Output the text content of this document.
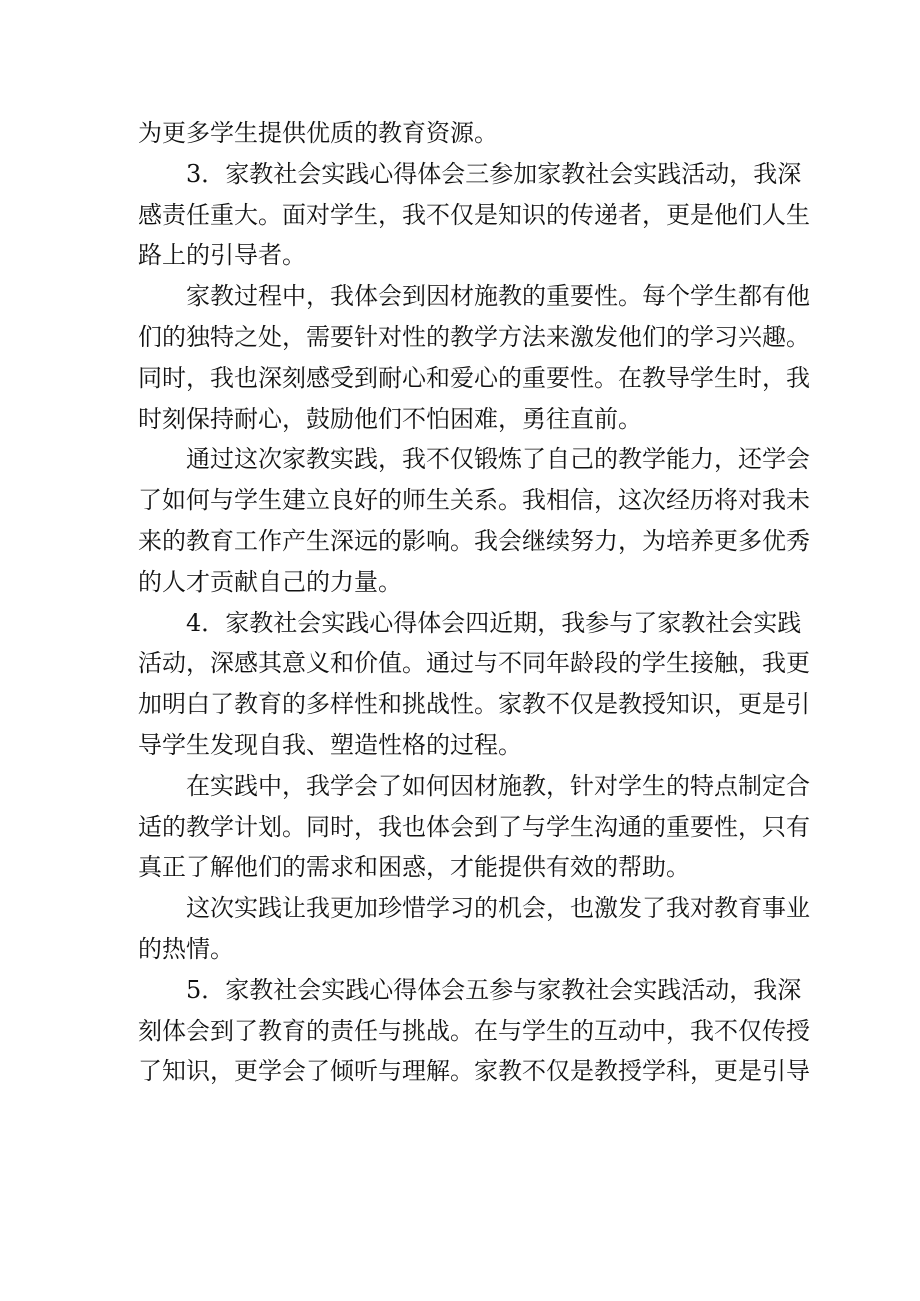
为更多学生提供优质的教育资源。
3．家教社会实践心得体会三参加家教社会实践活动，我深
感责任重大。面对学生，我不仅是知识的传递者，更是他们人生
路上的引导者。
家教过程中，我体会到因材施教的重要性。每个学生都有他
们的独特之处，需要针对性的教学方法来激发他们的学习兴趣。
同时，我也深刻感受到耐心和爱心的重要性。在教导学生时，我
时刻保持耐心，鼓励他们不怕困难，勇往直前。
通过这次家教实践，我不仅锻炼了自己的教学能力，还学会
了如何与学生建立良好的师生关系。我相信，这次经历将对我未
来的教育工作产生深远的影响。我会继续努力，为培养更多优秀
的人才贡献自己的力量。
4．家教社会实践心得体会四近期，我参与了家教社会实践
活动，深感其意义和价值。通过与不同年龄段的学生接触，我更
加明白了教育的多样性和挑战性。家教不仅是教授知识，更是引
导学生发现自我、塑造性格的过程。
在实践中，我学会了如何因材施教，针对学生的特点制定合
适的教学计划。同时，我也体会到了与学生沟通的重要性，只有
真正了解他们的需求和困惑，才能提供有效的帮助。
这次实践让我更加珍惜学习的机会，也激发了我对教育事业
的热情。
5．家教社会实践心得体会五参与家教社会实践活动，我深
刻体会到了教育的责任与挑战。在与学生的互动中，我不仅传授
了知识，更学会了倾听与理解。家教不仅是教授学科，更是引导
